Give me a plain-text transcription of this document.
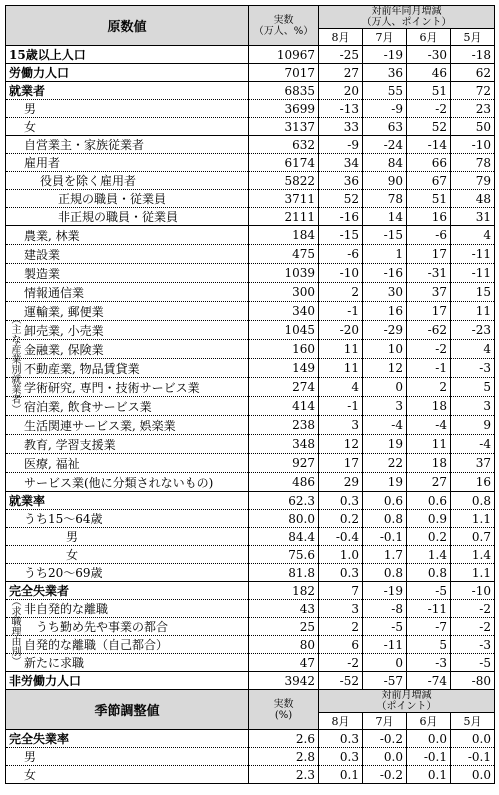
原数値	実数
（万人、%）	対前年同月増減
（万人、ポイント）			
		8月	7月	6月	5月
15歳以上人口	10967	-25	-19	-30	-18
労働力人口	7017	27	36	46	62
就業者	6835	20	55	51	72
男	3699	-13	-9	-2	23
女	3137	33	63	52	50
自営業主・家族従業者	632	-9	-24	-14	-10
雇用者	6174	34	84	66	78
役員を除く雇用者	5822	36	90	67	79
正規の職員・従業員	3711	52	78	51	48
非正規の職員・従業員	2111	-16	14	16	31
農業, 林業	184	-15	-15	-6	4
建設業	475	-6	1	17	-11
製造業	1039	-10	-16	-31	-11
情報通信業	300	2	30	37	15
運輸業, 郵便業	340	-1	16	17	11
卸売業, 小売業	1045	-20	-29	-62	-23
金融業, 保険業	160	11	10	-2	4
不動産業, 物品賃貸業	149	11	12	-1	-3
学術研究, 専門・技術サービス業	274	4	0	2	5
宿泊業, 飲食サービス業	414	-1	3	18	3
生活関連サービス業, 娯楽業	238	3	-4	-4	9
教育, 学習支援業	348	12	19	11	-4
医療, 福祉	927	17	22	18	37
サービス業(他に分類されないもの)	486	29	19	27	16
就業率	62.3	0.3	0.6	0.6	0.8
うち15～64歳	80.0	0.2	0.8	0.9	1.1
男	84.4	-0.4	-0.1	0.2	0.7
女	75.6	1.0	1.7	1.4	1.4
うち20～69歳	81.8	0.3	0.8	0.8	1.1
完全失業者	182	7	-19	-5	-10
非自発的な離職	43	3	-8	-11	-2
うち勤め先や事業の都合	25	2	-5	-7	-2
自発的な離職（自己都合）	80	6	-11	5	-3
新たに求職	47	-2	0	-3	-5
非労働力人口	3942	-52	-57	-74	-80
（主な産業別就業者）
（求職理由別）
季節調整値	実数
(%)	対前月増減
（ポイント）			
		8月	7月	6月	5月
完全失業率	2.6	0.3	-0.2	0.0	0.0
男	2.8	0.3	0.0	-0.1	-0.1
女	2.3	0.1	-0.2	0.1	0.0
